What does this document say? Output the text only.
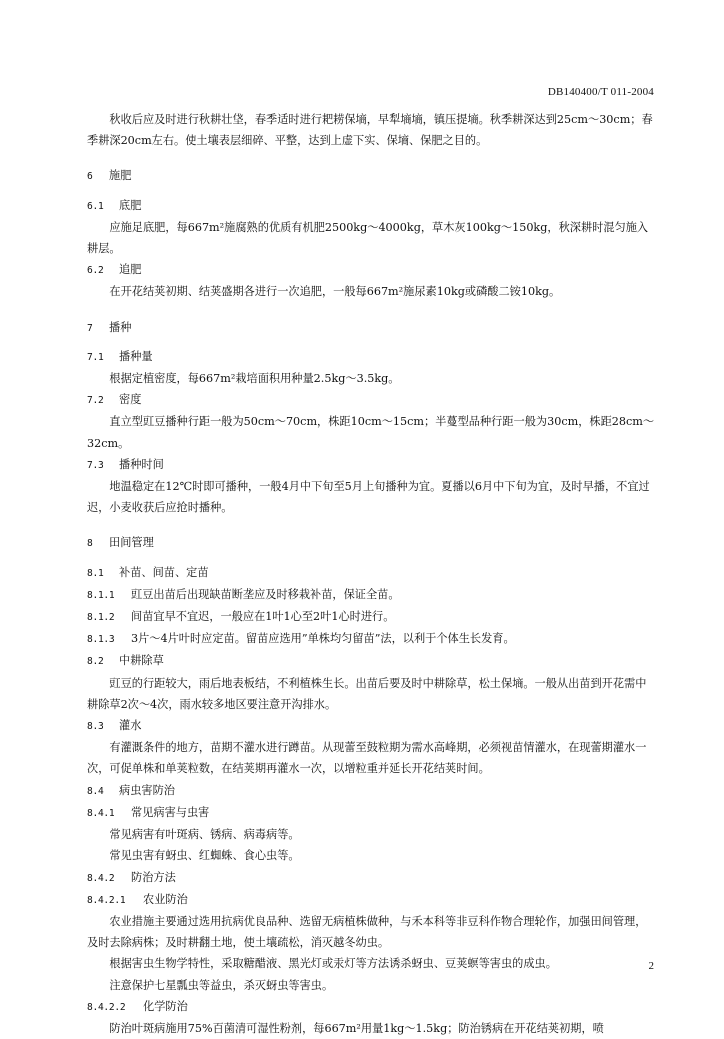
DB140400/T 011-2004

秋收后应及时进行秋耕壮垡，春季适时进行耙耢保墒，早犁墒墒，镇压提墒。秋季耕深达到25cm～30cm；春季耕深20cm左右。使土壤表层细碎、平整，达到上虚下实、保墒、保肥之目的。

6 施肥

6.1 底肥

应施足底肥，每667m²施腐熟的优质有机肥2500kg～4000kg，草木灰100kg～150kg，秋深耕时混匀施入耕层。

6.2 追肥

在开花结荚初期、结荚盛期各进行一次追肥，一般每667m²施尿素10kg或磷酸二铵10kg。

7 播种

7.1 播种量

根据定植密度，每667m²栽培面积用种量2.5kg～3.5kg。

7.2 密度

直立型豇豆播种行距一般为50cm～70cm，株距10cm～15cm；半蔓型品种行距一般为30cm，株距28cm～32cm。

7.3 播种时间

地温稳定在12℃时即可播种，一般4月中下旬至5月上旬播种为宜。夏播以6月中下旬为宜，及时早播，不宜过迟，小麦收获后应抢时播种。

8 田间管理

8.1 补苗、间苗、定苗

8.1.1 豇豆出苗后出现缺苗断垄应及时移栽补苗，保证全苗。

8.1.2 间苗宜早不宜迟，一般应在1叶1心至2叶1心时进行。

8.1.3 3片～4片叶时应定苗。留苗应选用”单株均匀留苗”法，以利于个体生长发育。

8.2 中耕除草

豇豆的行距较大，雨后地表板结，不利植株生长。出苗后要及时中耕除草，松土保墒。一般从出苗到开花需中耕除草2次～4次，雨水较多地区要注意开沟排水。

8.3 灌水

有灌溉条件的地方，苗期不灌水进行蹲苗。从现蕾至鼓粒期为需水高峰期，必须视苗情灌水，在现蕾期灌水一次，可促单株和单荚粒数，在结荚期再灌水一次，以增粒重并延长开花结荚时间。

8.4 病虫害防治

8.4.1 常见病害与虫害

常见病害有叶斑病、锈病、病毒病等。

常见虫害有蚜虫、红蜘蛛、食心虫等。

8.4.2 防治方法

8.4.2.1 农业防治

农业措施主要通过选用抗病优良品种、选留无病植株做种，与禾本科等非豆科作物合理轮作，加强田间管理，及时去除病株；及时耕翻土地，使土壤疏松，消灭越冬幼虫。

根据害虫生物学特性，采取糖醋液、黑光灯或汞灯等方法诱杀蚜虫、豆荚螟等害虫的成虫。

注意保护七星瓢虫等益虫，杀灭蚜虫等害虫。

8.4.2.2 化学防治

防治叶斑病施用75%百菌清可湿性粉剂，每667m²用量1kg～1.5kg；防治锈病在开花结荚初期，喷

2
